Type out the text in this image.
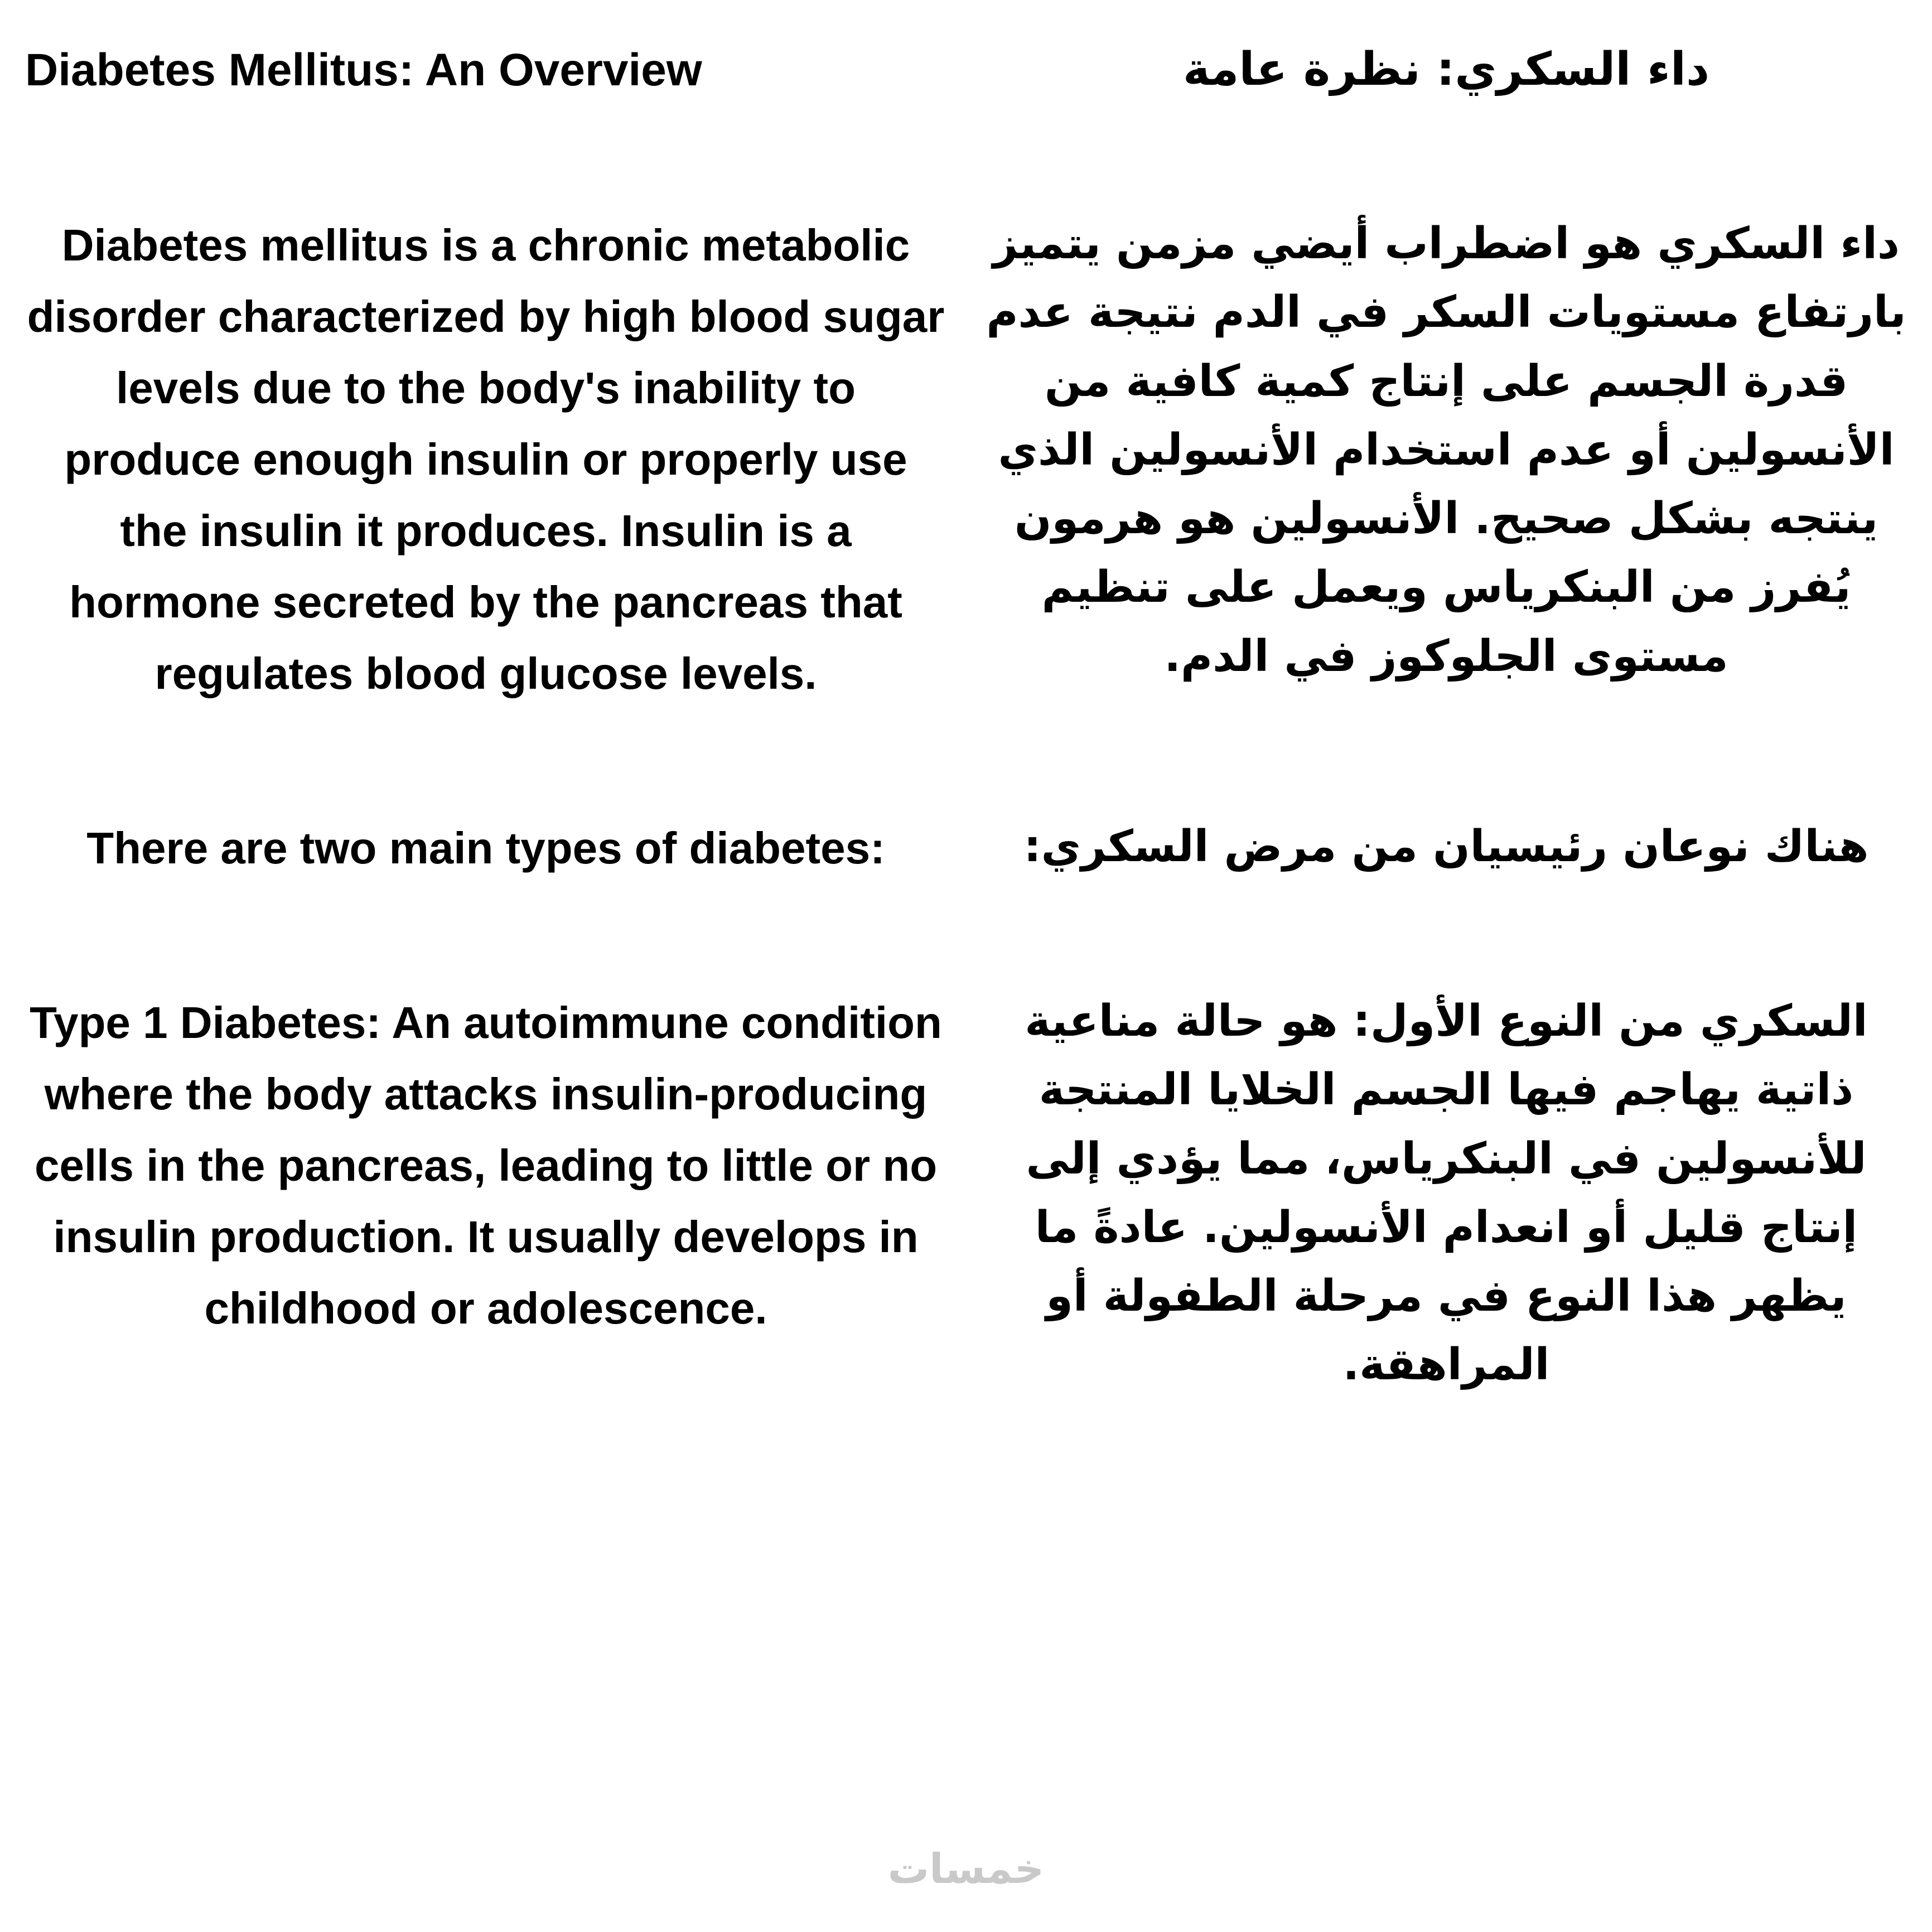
Diabetes Mellitus: An Overview	داء السكري: نظرة عامة

Diabetes mellitus is a chronic metabolic disorder characterized by high blood sugar levels due to the body's inability to produce enough insulin or properly use the insulin it produces. Insulin is a hormone secreted by the pancreas that regulates blood glucose levels.

داء السكري هو اضطراب أيضي مزمن يتميز بارتفاع مستويات السكر في الدم نتيجة عدم قدرة الجسم على إنتاج كمية كافية من الأنسولين أو عدم استخدام الأنسولين الذي ينتجه بشكل صحيح. الأنسولين هو هرمون يُفرز من البنكرياس ويعمل على تنظيم مستوى الجلوكوز في الدم.

There are two main types of diabetes:	هناك نوعان رئيسيان من مرض السكري:

Type 1 Diabetes: An autoimmune condition where the body attacks insulin-producing cells in the pancreas, leading to little or no insulin production. It usually develops in childhood or adolescence.

السكري من النوع الأول: هو حالة مناعية ذاتية يهاجم فيها الجسم الخلايا المنتجة للأنسولين في البنكرياس، مما يؤدي إلى إنتاج قليل أو انعدام الأنسولين. عادةً ما يظهر هذا النوع في مرحلة الطفولة أو المراهقة.

خمسات
